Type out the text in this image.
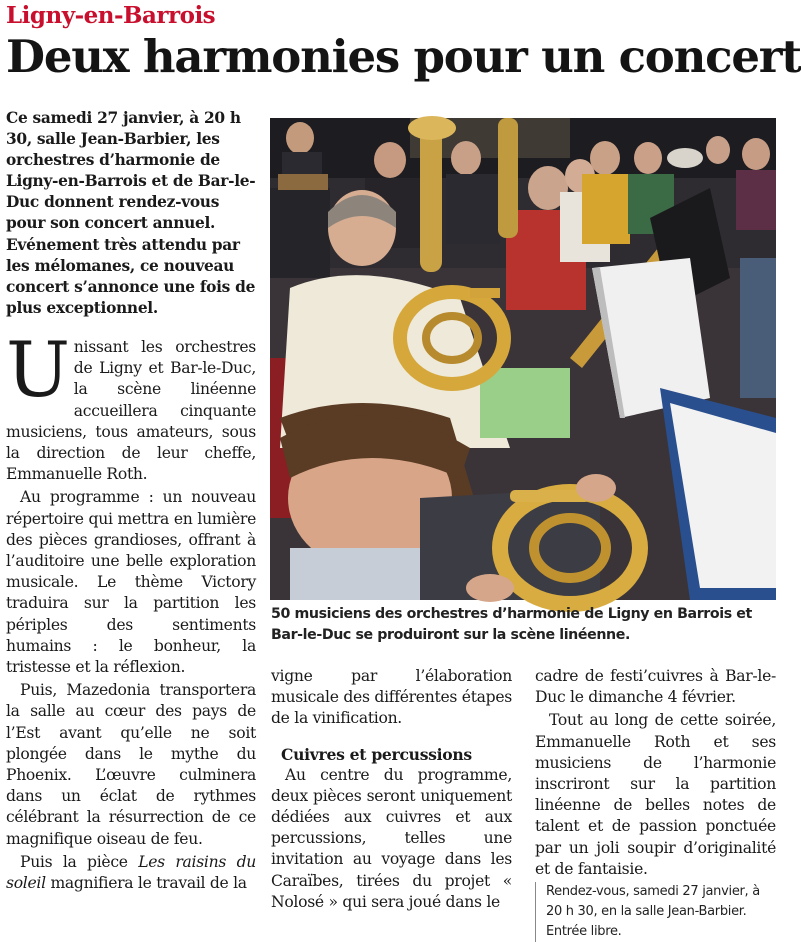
Ligny-en-Barrois
Deux harmonies pour un concert
Ce samedi 27 janvier, à 20 h 30, salle Jean-Barbier, les orchestres d’harmonie de Ligny-en-Barrois et de Bar-le-Duc donnent rendez-vous pour son concert annuel. Evénement très attendu par les mélomanes, ce nouveau concert s’annonce une fois de plus exceptionnel.
50 musiciens des orchestres d’harmonie de Ligny en Barrois et Bar-le-Duc se produiront sur la scène linéenne.

Unissant les orchestres de Ligny et Bar-le-Duc, la scène linéenne accueillera cinquante musiciens, tous amateurs, sous la direction de leur cheffe, Emmanuelle Roth.

Au programme : un nouveau répertoire qui mettra en lumière des pièces grandioses, offrant à l’auditoire une belle exploration musicale. Le thème Victory traduira sur la partition les périples des sentiments humains : le bonheur, la tristesse et la réflexion.

Puis, Mazedonia transportera la salle au cœur des pays de l’Est avant qu’elle ne soit plongée dans le mythe du Phoenix. L’œuvre culminera dans un éclat de rythmes célébrant la résurrection de ce magnifique oiseau de feu.

Puis la pièce Les raisins du soleil magnifiera le travail de la

vigne par l’élaboration musicale des différentes étapes de la vinification.

Cuivres et percussions

Au centre du programme, deux pièces seront uniquement dédiées aux cuivres et aux percussions, telles une invitation au voyage dans les Caraïbes, tirées du projet « Nolosé » qui sera joué dans le

cadre de festi’cuivres à Bar-le-Duc le dimanche 4 février.

Tout au long de cette soirée, Emmanuelle Roth et ses musiciens de l’harmonie inscriront sur la partition linéenne de belles notes de talent et de passion ponctuée par un joli soupir d’originalité et de fantaisie.

Rendez-vous, samedi 27 janvier, à 20 h 30, en la salle Jean-Barbier. Entrée libre.
